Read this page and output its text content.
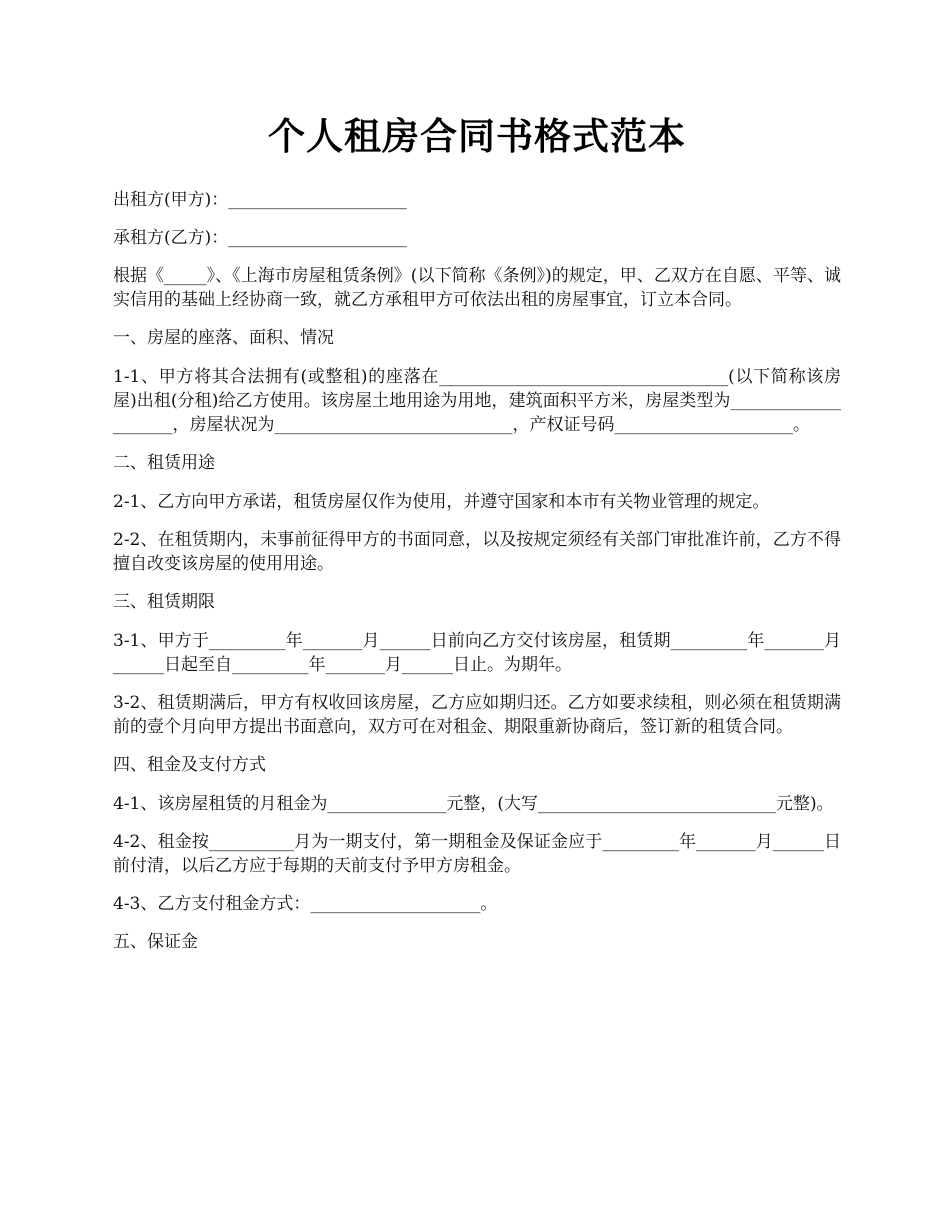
个人租房合同书格式范本

出租方(甲方)：_____________________

承租方(乙方)：_____________________

根据《_____》、《上海市房屋租赁条例》(以下简称《条例》)的规定，甲、乙双方在自愿、平等、诚实信用的基础上经协商一致，就乙方承租甲方可依法出租的房屋事宜，订立本合同。

一、房屋的座落、面积、情况

1-1、甲方将其合法拥有(或整租)的座落在__________________________________(以下简称该房屋)出租(分租)给乙方使用。该房屋土地用途为用地，建筑面积平方米，房屋类型为____________________，房屋状况为____________________________，产权证号码_____________________。

二、租赁用途

2-1、乙方向甲方承诺，租赁房屋仅作为使用，并遵守国家和本市有关物业管理的规定。

2-2、在租赁期内，未事前征得甲方的书面同意，以及按规定须经有关部门审批准许前，乙方不得擅自改变该房屋的使用用途。

三、租赁期限

3-1、甲方于_________年_______月______日前向乙方交付该房屋，租赁期_________年_______月______日起至自_________年_______月______日止。为期年。

3-2、租赁期满后，甲方有权收回该房屋，乙方应如期归还。乙方如要求续租，则必须在租赁期满前的壹个月向甲方提出书面意向，双方可在对租金、期限重新协商后，签订新的租赁合同。

四、租金及支付方式

4-1、该房屋租赁的月租金为______________元整，(大写____________________________元整)。

4-2、租金按__________月为一期支付，第一期租金及保证金应于_________年_______月______日前付清，以后乙方应于每期的天前支付予甲方房租金。

4-3、乙方支付租金方式：____________________。

五、保证金
